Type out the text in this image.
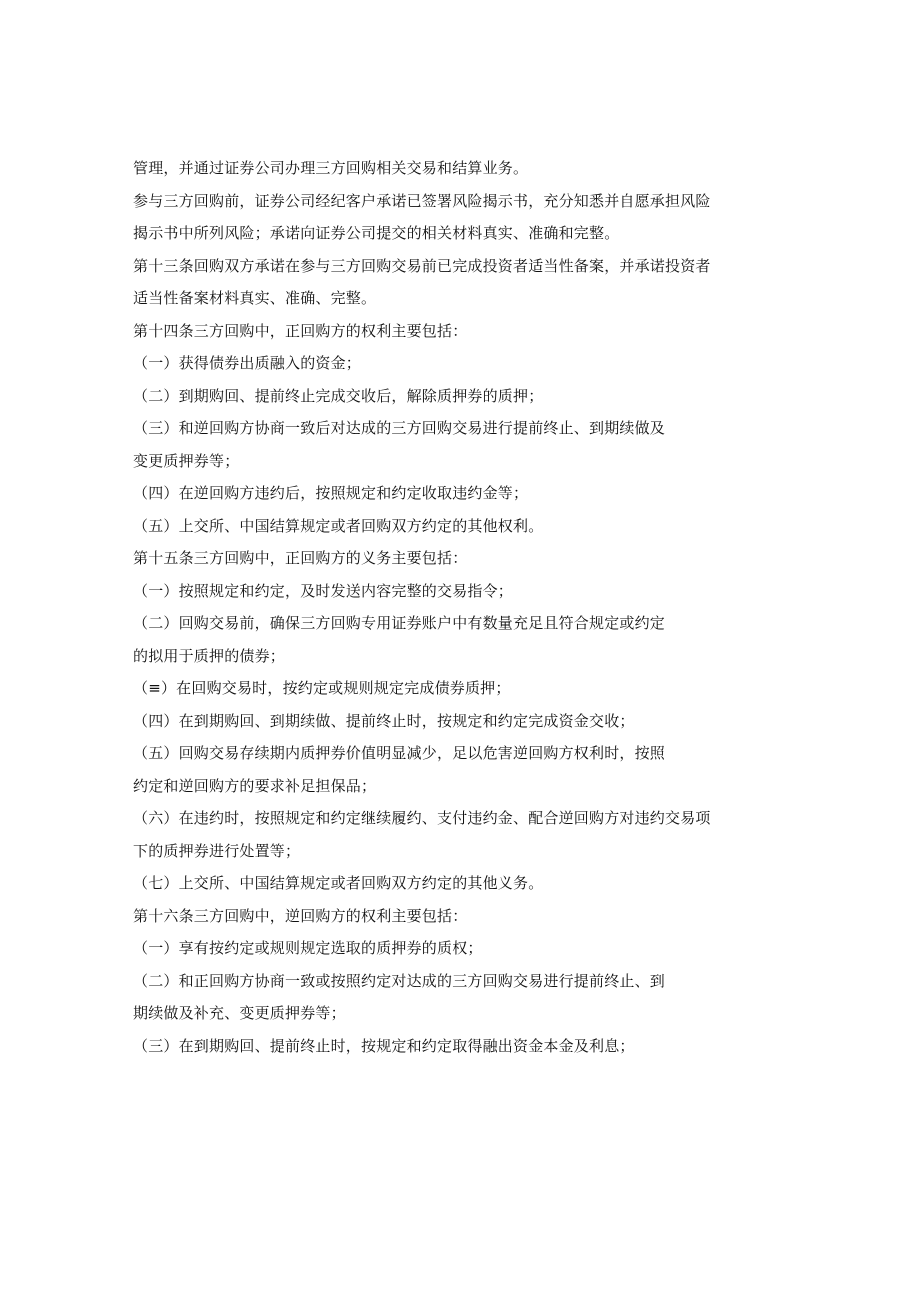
管理，并通过证券公司办理三方回购相关交易和结算业务。
参与三方回购前，证券公司经纪客户承诺已签署风险揭示书，充分知悉并自愿承担风险
揭示书中所列风险；承诺向证券公司提交的相关材料真实、准确和完整。
第十三条回购双方承诺在参与三方回购交易前已完成投资者适当性备案，并承诺投资者
适当性备案材料真实、准确、完整。
第十四条三方回购中，正回购方的权利主要包括：
（一）获得债券出质融入的资金；
（二）到期购回、提前终止完成交收后，解除质押券的质押；
（三）和逆回购方协商一致后对达成的三方回购交易进行提前终止、到期续做及
变更质押券等；
（四）在逆回购方违约后，按照规定和约定收取违约金等；
（五）上交所、中国结算规定或者回购双方约定的其他权利。
第十五条三方回购中，正回购方的义务主要包括：
（一）按照规定和约定，及时发送内容完整的交易指令；
（二）回购交易前，确保三方回购专用证券账户中有数量充足且符合规定或约定
的拟用于质押的债券；
（≡）在回购交易时，按约定或规则规定完成债券质押；
（四）在到期购回、到期续做、提前终止时，按规定和约定完成资金交收；
（五）回购交易存续期内质押券价值明显减少，足以危害逆回购方权利时，按照
约定和逆回购方的要求补足担保品；
（六）在违约时，按照规定和约定继续履约、支付违约金、配合逆回购方对违约交易项
下的质押券进行处置等；
（七）上交所、中国结算规定或者回购双方约定的其他义务。
第十六条三方回购中，逆回购方的权利主要包括：
（一）享有按约定或规则规定选取的质押券的质权；
（二）和正回购方协商一致或按照约定对达成的三方回购交易进行提前终止、到
期续做及补充、变更质押券等；
（三）在到期购回、提前终止时，按规定和约定取得融出资金本金及利息；
